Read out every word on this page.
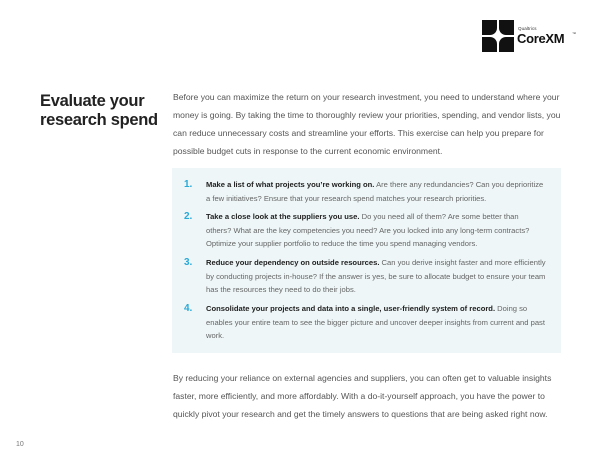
Qualtrics
CoreXM ™
Evaluate your research spend
Before you can maximize the return on your research investment, you need to understand where your money is going. By taking the time to thoroughly review your priorities, spending, and vendor lists, you can reduce unnecessary costs and streamline your efforts. This exercise can help you prepare for possible budget cuts in response to the current economic environment.
1.	Make a list of what projects you’re working on. Are there any redundancies? Can you deprioritize a few initiatives? Ensure that your research spend matches your research priorities.
2.	Take a close look at the suppliers you use. Do you need all of them? Are some better than others? What are the key competencies you need? Are you locked into any long-term contracts? Optimize your supplier portfolio to reduce the time you spend managing vendors.
3.	Reduce your dependency on outside resources. Can you derive insight faster and more efficiently by conducting projects in-house? If the answer is yes, be sure to allocate budget to ensure your team has the resources they need to do their jobs.
4.	Consolidate your projects and data into a single, user-friendly system of record. Doing so enables your entire team to see the bigger picture and uncover deeper insights from current and past work.
By reducing your reliance on external agencies and suppliers, you can often get to valuable insights faster, more efficiently, and more affordably. With a do-it-yourself approach, you have the power to quickly pivot your research and get the timely answers to questions that are being asked right now.
10
